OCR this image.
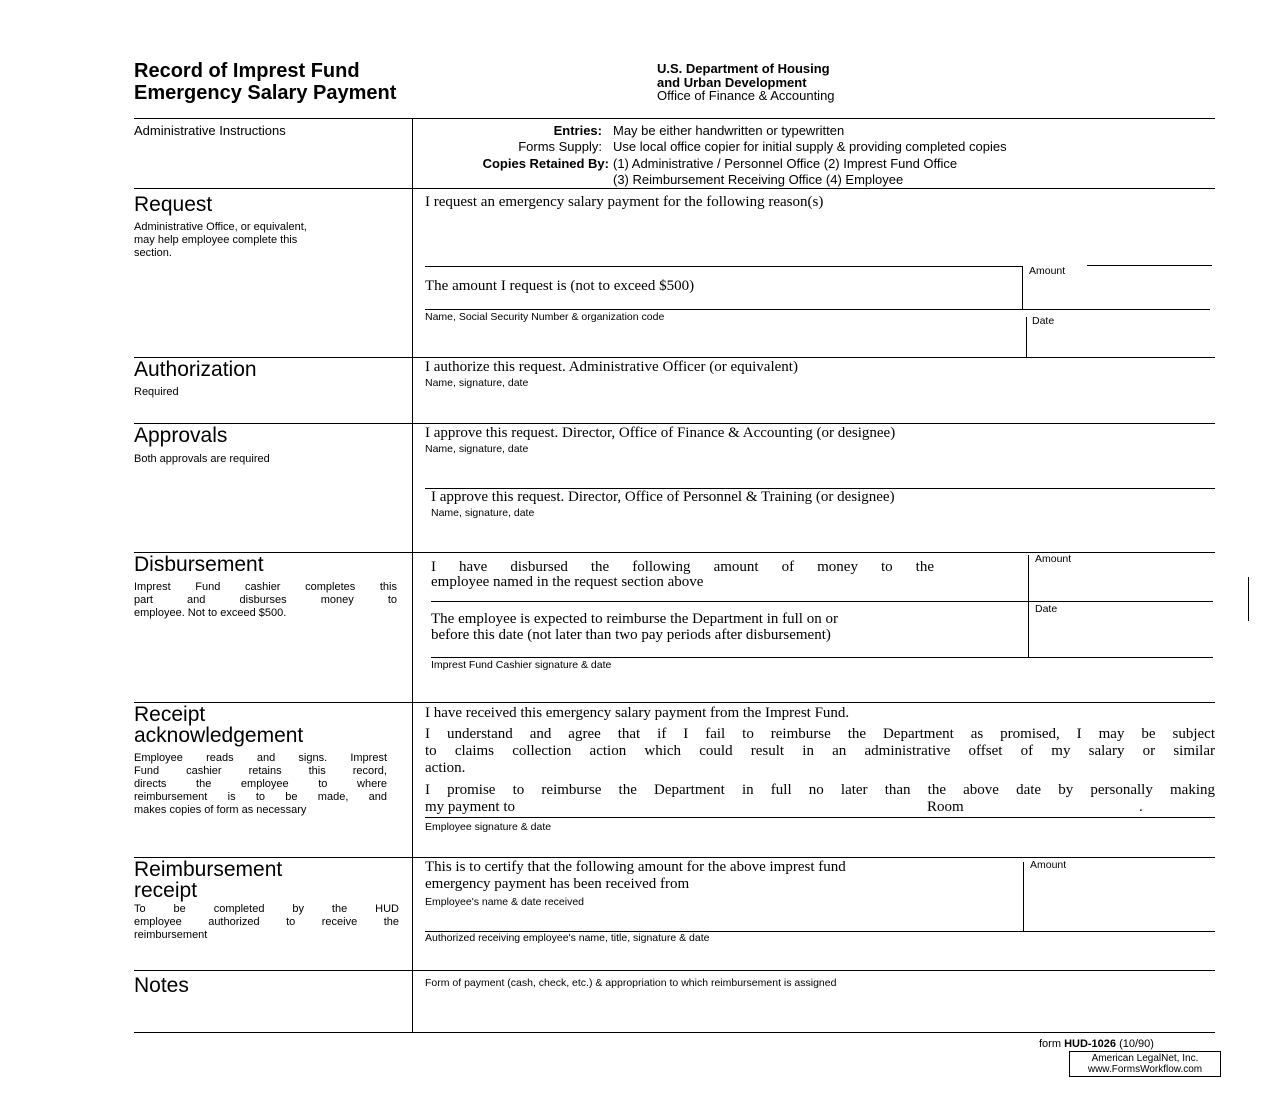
Record of Imprest Fund
Emergency Salary Payment
U.S. Department of Housing
and Urban Development
Office of Finance & Accounting
Administrative Instructions	Entries: May be either handwritten or typewritten
Forms Supply: Use local office copier for initial supply & providing completed copies
Copies Retained By: (1) Administrative / Personnel Office (2) Imprest Fund Office
(3) Reimbursement Receiving Office (4) Employee
Request
Administrative Office, or equivalent,
may help employee complete this
section.
I request an emergency salary payment for the following reason(s)
Amount
The amount I request is (not to exceed $500)
Name, Social Security Number & organization code	Date
Authorization
Required
I authorize this request. Administrative Officer (or equivalent)
Name, signature, date
Approvals
Both approvals are required
I approve this request. Director, Office of Finance & Accounting (or designee)
Name, signature, date
I approve this request. Director, Office of Personnel & Training (or designee)
Name, signature, date
Disbursement
Imprest Fund cashier completes this
part and disburses money to
employee. Not to exceed $500.
I have disbursed the following amount of money to the
employee named in the request section above
Amount
The employee is expected to reimburse the Department in full on or
before this date (not later than two pay periods after disbursement)
Date
Imprest Fund Cashier signature & date
Receipt
acknowledgement
Employee reads and signs. Imprest
Fund cashier retains this record,
directs the employee to where
reimbursement is to be made, and
makes copies of form as necessary
I have received this emergency salary payment from the Imprest Fund.
I understand and agree that if I fail to reimburse the Department as promised, I may be subject
to claims collection action which could result in an administrative offset of my salary or similar
action.
I promise to reimburse the Department in full no later than the above date by personally making
my payment to	Room	.
Employee signature & date
Reimbursement
receipt
To be completed by the HUD
employee authorized to receive the
reimbursement
This is to certify that the following amount for the above imprest fund
emergency payment has been received from
Employee's name & date received
Amount
Authorized receiving employee's name, title, signature & date
Notes	Form of payment (cash, check, etc.) & appropriation to which reimbursement is assigned
form HUD-1026 (10/90)
American LegalNet, Inc.
www.FormsWorkflow.com
